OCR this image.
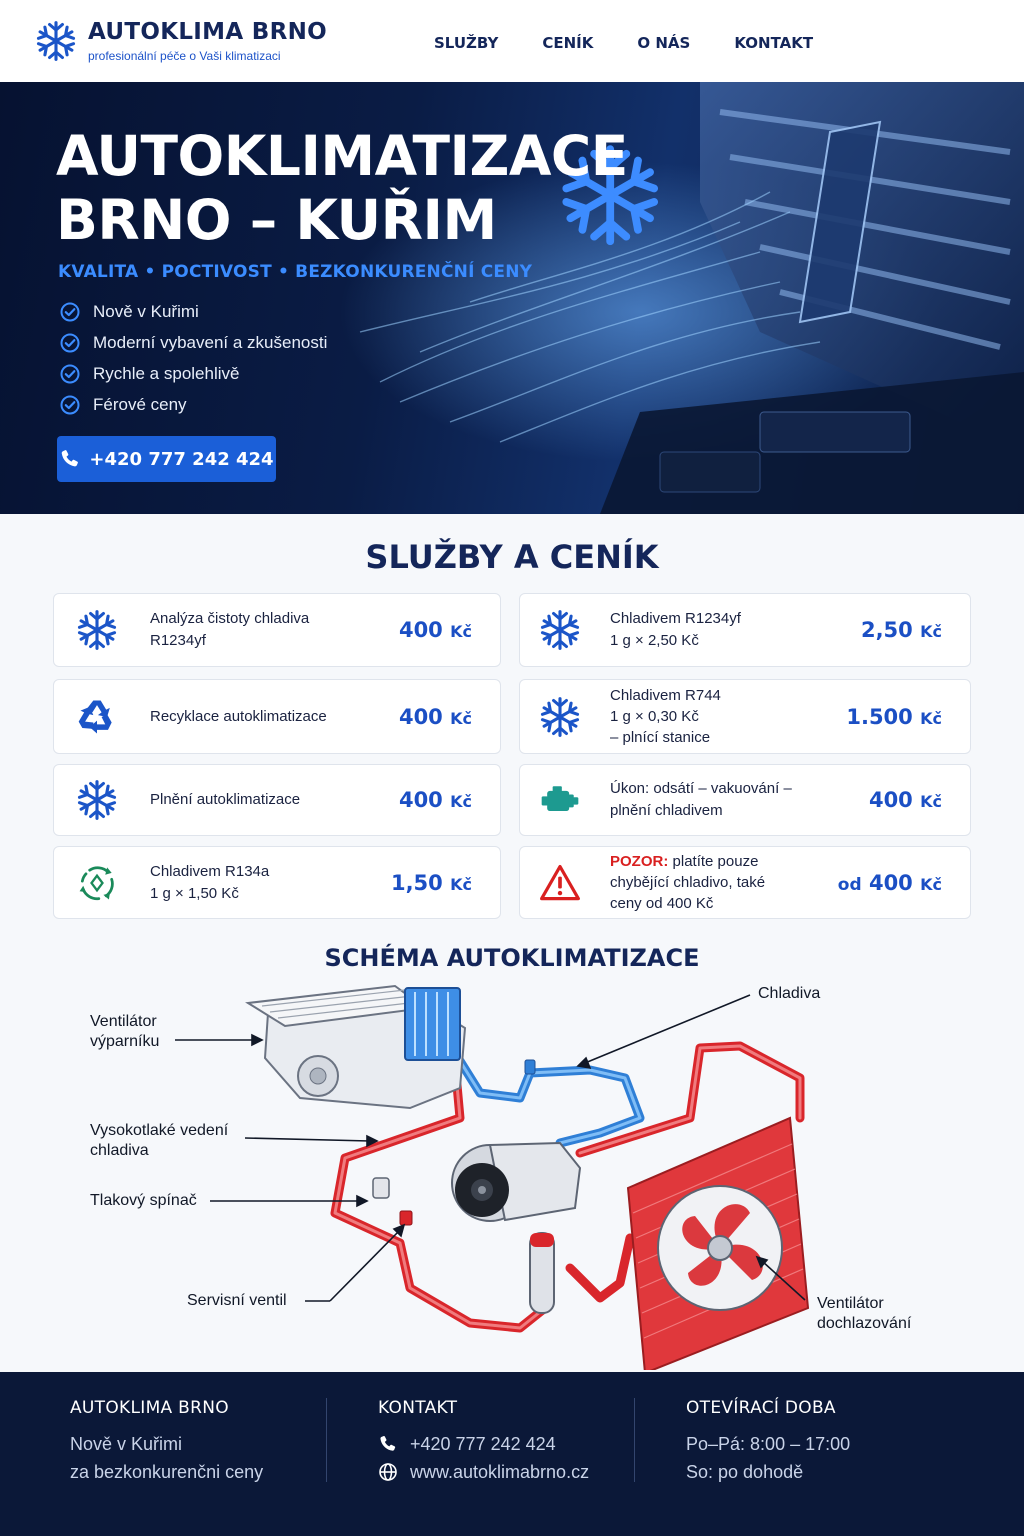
AUTOKLIMA BRNO
profesionální péče o Vaši klimatizaci
SLUŽBY	CENÍK	O NÁS	KONTAKT
AUTOKLIMATIZACE
BRNO – KUŘIM
KVALITA • POCTIVOST • BEZKONKURENČNÍ CENY
Nově v Kuřimi
Moderní vybavení a zkušenosti
Rychle a spolehlivě
Férové ceny
+420 777 242 424
SLUŽBY A CENÍK
Analýza čistoty chladiva
R1234yf	400 Kč
Chladivem R1234yf
1 g × 2,50 Kč	2,50 Kč
Recyklace autoklimatizace	400 Kč
Chladivem R744
1 g × 0,30 Kč
– plnící stanice
1.500 Kč
Plnění autoklimatizace	400 Kč
Úkon: odsátí – vakuování –
plnění chladivem	400 Kč
Chladivem R134a
1 g × 1,50 Kč	1,50 Kč
POZOR: platíte pouze
chybějící chladivo, také
ceny od 400 Kč
od 400 Kč
SCHÉMA AUTOKLIMATIZACE
Ventilátor
výparníku
Chladiva
Vysokotlaké vedení
chladiva
Tlakový spínač
Servisní ventil	Ventilátor
dochlazování
AUTOKLIMA BRNO

Nově v Kuřimi

za bezkonkurenčni ceny

KONTAKT

+420 777 242 424

www.autoklimabrno.cz

OTEVÍRACÍ DOBA

Po–Pá: 8:00 – 17:00

So: po dohodě
